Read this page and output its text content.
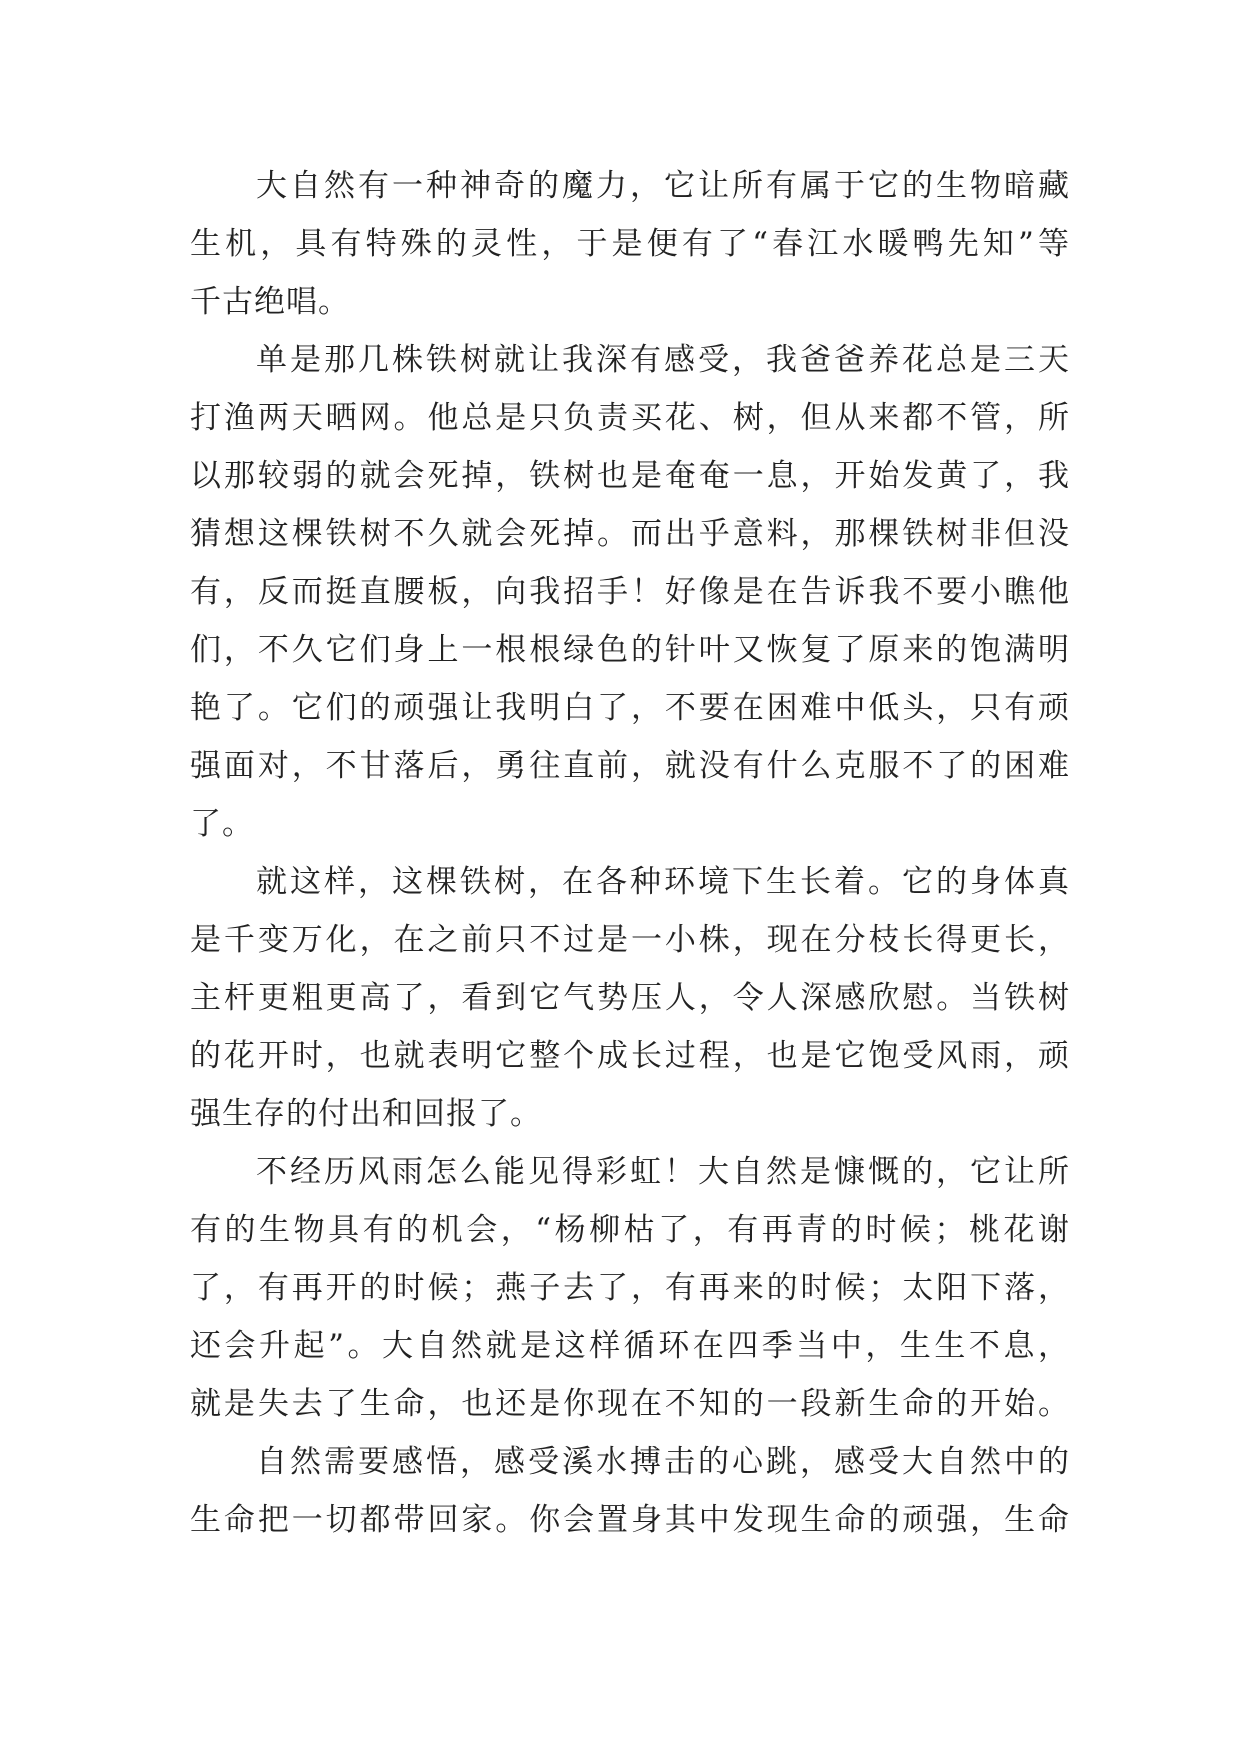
大自然有一种神奇的魔力，它让所有属于它的生物暗藏
生机，具有特殊的灵性，于是便有了“春江水暖鸭先知”等
千古绝唱。
单是那几株铁树就让我深有感受，我爸爸养花总是三天
打渔两天晒网。他总是只负责买花、树，但从来都不管，所
以那较弱的就会死掉，铁树也是奄奄一息，开始发黄了，我
猜想这棵铁树不久就会死掉。而出乎意料，那棵铁树非但没
有，反而挺直腰板，向我招手！好像是在告诉我不要小瞧他
们，不久它们身上一根根绿色的针叶又恢复了原来的饱满明
艳了。它们的顽强让我明白了，不要在困难中低头，只有顽
强面对，不甘落后，勇往直前，就没有什么克服不了的困难
了。
就这样，这棵铁树，在各种环境下生长着。它的身体真
是千变万化，在之前只不过是一小株，现在分枝长得更长，
主杆更粗更高了，看到它气势压人，令人深感欣慰。当铁树
的花开时，也就表明它整个成长过程，也是它饱受风雨，顽
强生存的付出和回报了。
不经历风雨怎么能见得彩虹！大自然是慷慨的，它让所
有的生物具有的机会，“杨柳枯了，有再青的时候；桃花谢
了，有再开的时候；燕子去了，有再来的时候；太阳下落，
还会升起”。大自然就是这样循环在四季当中，生生不息，
就是失去了生命，也还是你现在不知的一段新生命的开始。
自然需要感悟，感受溪水搏击的心跳，感受大自然中的
生命把一切都带回家。你会置身其中发现生命的顽强，生命
